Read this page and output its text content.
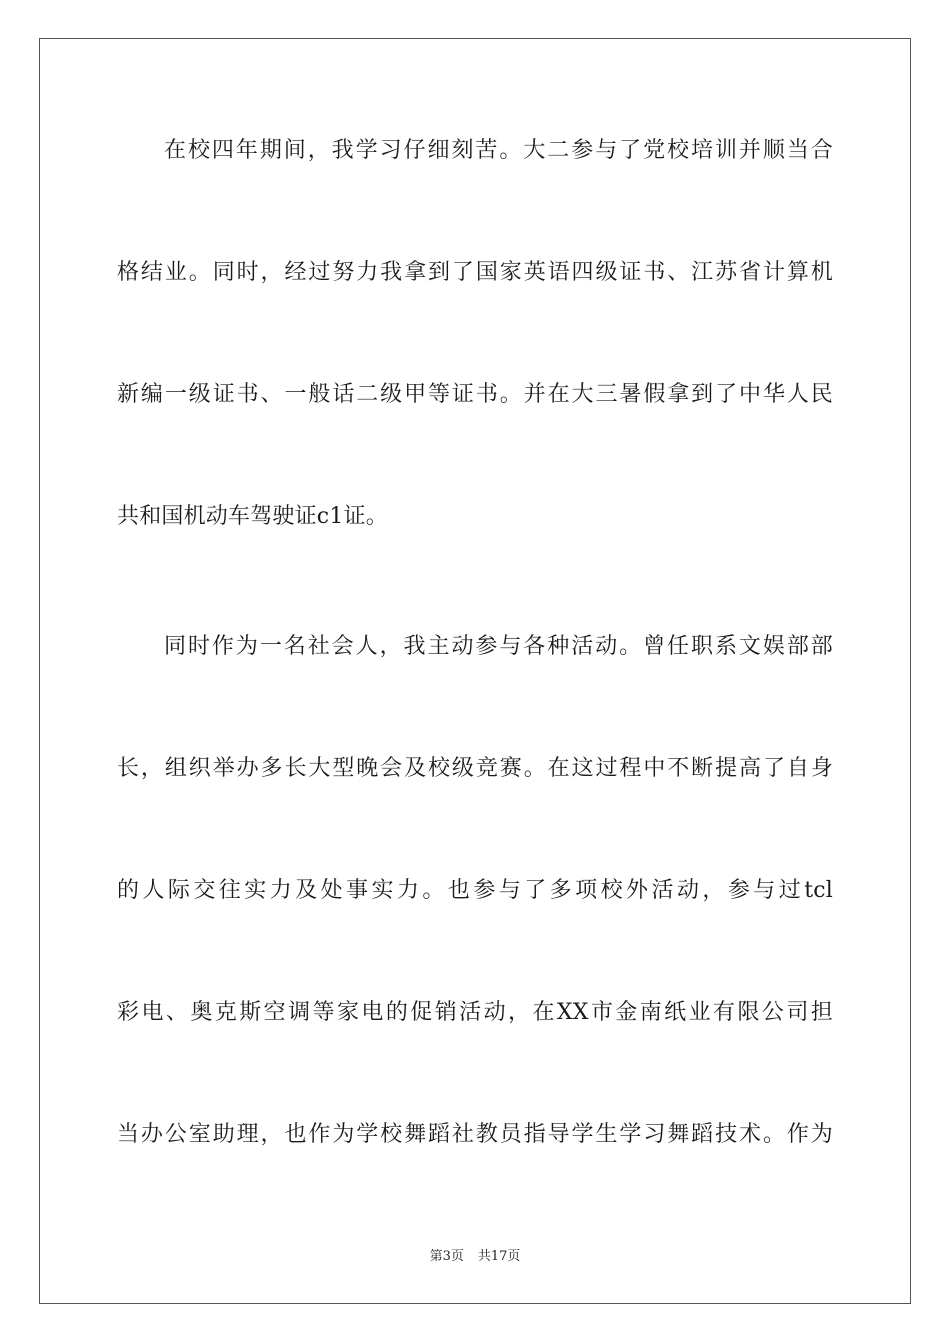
在校四年期间，我学习仔细刻苦。大二参与了党校培训并顺当合
格结业。同时，经过努力我拿到了国家英语四级证书、江苏省计算机
新编一级证书、一般话二级甲等证书。并在大三暑假拿到了中华人民
共和国机动车驾驶证c1证。
同时作为一名社会人，我主动参与各种活动。曾任职系文娱部部
长，组织举办多长大型晚会及校级竞赛。在这过程中不断提高了自身
的人际交往实力及处事实力。也参与了多项校外活动，参与过tcl
彩电、奥克斯空调等家电的促销活动，在XX市金南纸业有限公司担
当办公室助理，也作为学校舞蹈社教员指导学生学习舞蹈技术。作为
第3页 共17页
